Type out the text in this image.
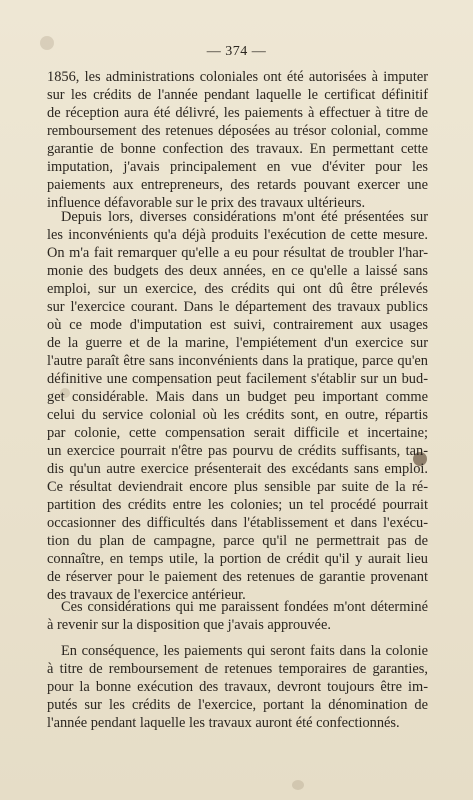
— 374 —
1856, les administrations coloniales ont été autorisées à imputer
sur les crédits de l'année pendant laquelle le certificat définitif
de réception aura été délivré, les paiements à effectuer à titre de
remboursement des retenues déposées au trésor colonial, comme
garantie de bonne confection des travaux. En permettant cette
imputation, j'avais principalement en vue d'éviter pour les
paiements aux entrepreneurs, des retards pouvant exercer une
influence défavorable sur le prix des travaux ultérieurs.
Depuis lors, diverses considérations m'ont été présentées sur
les inconvénients qu'a déjà produits l'exécution de cette mesure.
On m'a fait remarquer qu'elle a eu pour résultat de troubler l'har-
monie des budgets des deux années, en ce qu'elle a laissé sans
emploi, sur un exercice, des crédits qui ont dû être prélevés
sur l'exercice courant. Dans le département des travaux publics
où ce mode d'imputation est suivi, contrairement aux usages
de la guerre et de la marine, l'empiétement d'un exercice sur
l'autre paraît être sans inconvénients dans la pratique, parce qu'en
définitive une compensation peut facilement s'établir sur un bud-
get considérable. Mais dans un budget peu important comme
celui du service colonial où les crédits sont, en outre, répartis
par colonie, cette compensation serait difficile et incertaine;
un exercice pourrait n'être pas pourvu de crédits suffisants, tan-
dis qu'un autre exercice présenterait des excédants sans emploi.
Ce résultat deviendrait encore plus sensible par suite de la ré-
partition des crédits entre les colonies; un tel procédé pourrait
occasionner des difficultés dans l'établissement et dans l'exécu-
tion du plan de campagne, parce qu'il ne permettrait pas de
connaître, en temps utile, la portion de crédit qu'il y aurait lieu
de réserver pour le paiement des retenues de garantie provenant
des travaux de l'exercice antérieur.
Ces considérations qui me paraissent fondées m'ont déterminé
à revenir sur la disposition que j'avais approuvée.
En conséquence, les paiements qui seront faits dans la colonie
à titre de remboursement de retenues temporaires de garanties,
pour la bonne exécution des travaux, devront toujours être im-
putés sur les crédits de l'exercice, portant la dénomination de
l'année pendant laquelle les travaux auront été confectionnés.
